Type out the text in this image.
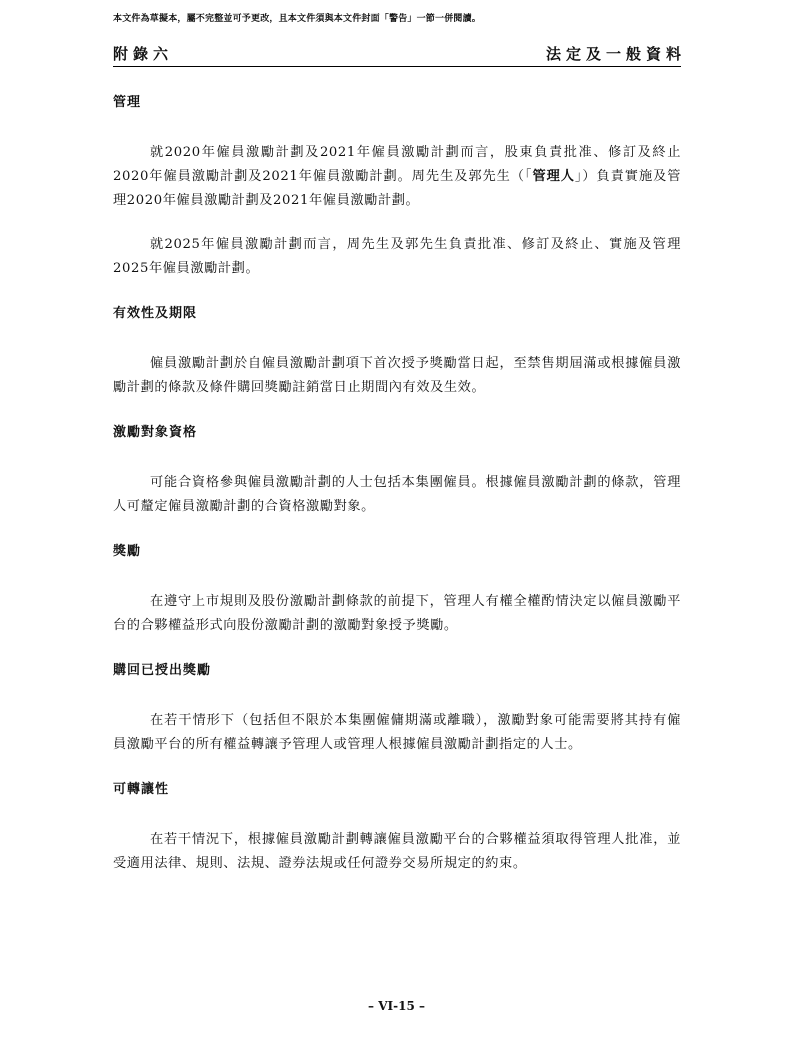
本文件為草擬本，屬不完整並可予更改，且本文件須與本文件封面「警告」一節一併閱讀。
附錄六	法定及一般資料
管理

就2020年僱員激勵計劃及2021年僱員激勵計劃而言，股東負責批准、修訂及終止2020年僱員激勵計劃及2021年僱員激勵計劃。周先生及郭先生（「管理人」）負責實施及管理2020年僱員激勵計劃及2021年僱員激勵計劃。

就2025年僱員激勵計劃而言，周先生及郭先生負責批准、修訂及終止、實施及管理2025年僱員激勵計劃。

有效性及期限

僱員激勵計劃於自僱員激勵計劃項下首次授予獎勵當日起，至禁售期屆滿或根據僱員激勵計劃的條款及條件購回獎勵註銷當日止期間內有效及生效。

激勵對象資格

可能合資格參與僱員激勵計劃的人士包括本集團僱員。根據僱員激勵計劃的條款，管理人可釐定僱員激勵計劃的合資格激勵對象。

獎勵

在遵守上市規則及股份激勵計劃條款的前提下，管理人有權全權酌情決定以僱員激勵平台的合夥權益形式向股份激勵計劃的激勵對象授予獎勵。

購回已授出獎勵

在若干情形下（包括但不限於本集團僱傭期滿或離職），激勵對象可能需要將其持有僱員激勵平台的所有權益轉讓予管理人或管理人根據僱員激勵計劃指定的人士。

可轉讓性

在若干情況下，根據僱員激勵計劃轉讓僱員激勵平台的合夥權益須取得管理人批准，並受適用法律、規則、法規、證券法規或任何證券交易所規定的約束。

– VI-15 –
